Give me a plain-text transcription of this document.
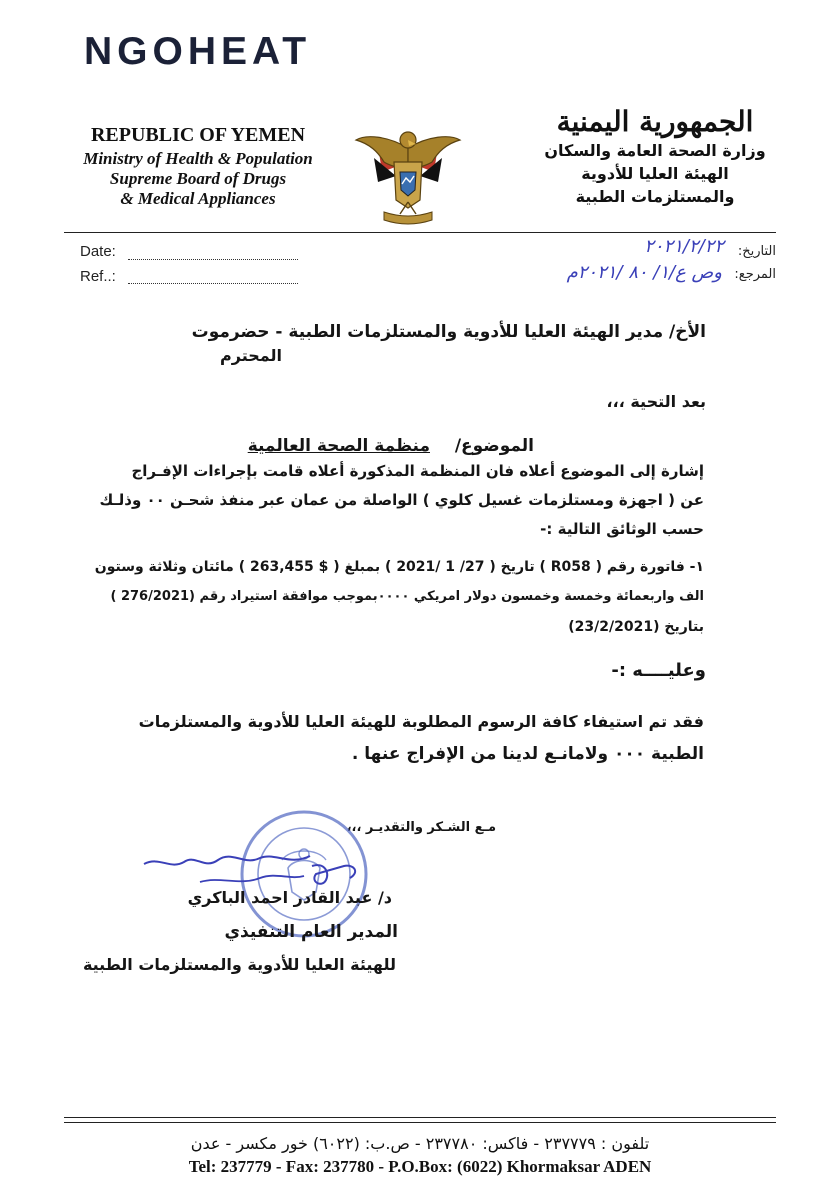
NGOHEAT
REPUBLIC OF YEMEN
Ministry of Health & Population
Supreme Board of Drugs
& Medical Appliances
الجمهورية اليمنية
وزارة الصحة العامة والسكان
الهيئة العليا للأدوية
والمستلزمات الطبية
Date:
Ref..:
التاريخ:
المرجع:
٢٠٢١/٢/٢٢
وص ع/١/ ٨٠ /٢٠٢١م
الأخ/ مدير الهيئة العليا للأدوية والمستلزمات الطبية - حضرموت
المحترم
بعد التحية ،،،
الموضوع/
منظمة الصحة العالمية
إشارة إلى الموضوع أعلاه فان المنظمة المذكورة أعلاه قامت بإجراءات الإفـراج
عن ( اجهزة ومستلزمات غسيل كلوي ) الواصلة من عمان عبر منفذ شحـن ٠٠ وذلـك
حسب الوثائق التالية :-
١- فاتورة رقم ( R058 ) تاريخ ( 27/ 1 /2021 ) بمبلغ ( $ 263,455 ) مائتان وثلاثة وستون
الف واربعمائة وخمسة وخمسون دولار امريكي ٠٠٠٠بموجب موافقة استيراد رقم (276/2021 )
بتاريخ (23/2/2021)
وعليــــه :-
فقد تم استيفاء كافة الرسوم المطلوبة للهيئة العليا للأدوية والمستلزمات
الطبية ٠٠٠ ولامانـع لدينا من الإفراج عنها .
مـع الشـكر والتقديـر ،،،
د/ عبد القادر احمد الباكري
المدير العام التنفيذي
للهيئة العليا للأدوية والمستلزمات الطبية
تلفون : ٢٣٧٧٧٩ - فاكس: ٢٣٧٧٨٠ - ص.ب: (٦٠٢٢) خور مكسر - عدن
Tel: 237779 - Fax: 237780 - P.O.Box: (6022) Khormaksar ADEN
